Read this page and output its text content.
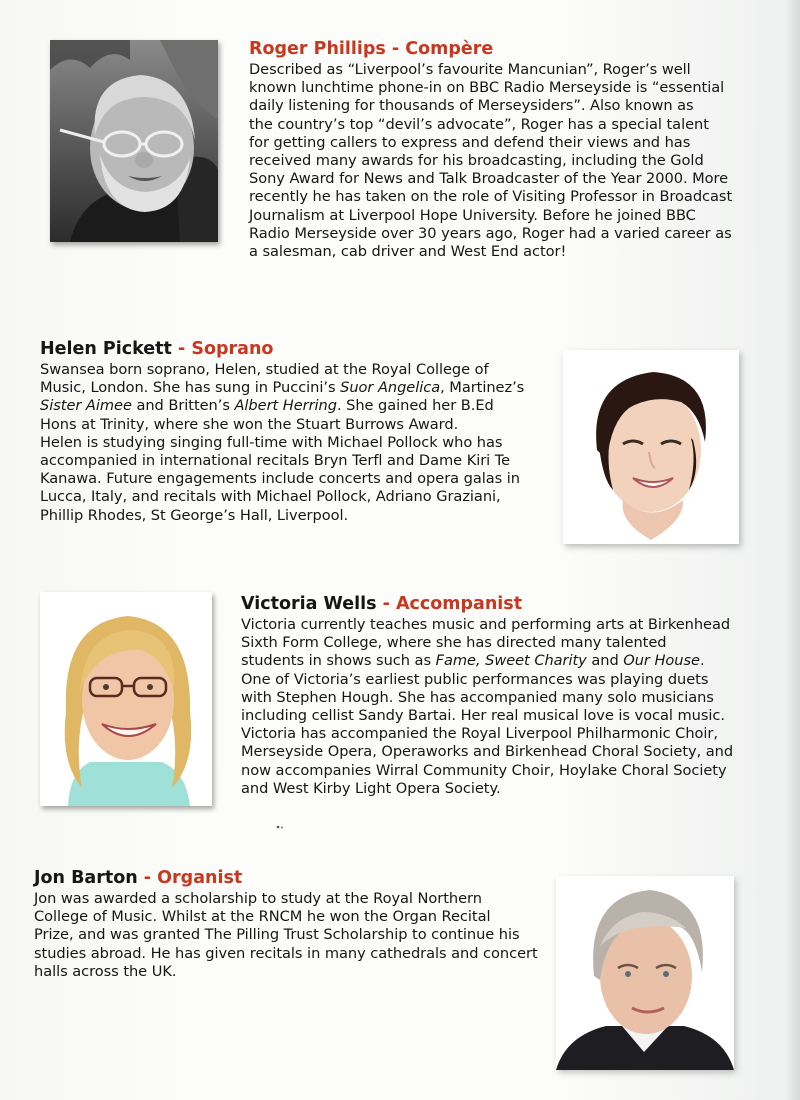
Roger Phillips - Compère

Described as “Liverpool’s favourite Mancunian”, Roger’s well
known lunchtime phone-in on BBC Radio Merseyside is “essential
daily listening for thousands of Merseysiders”. Also known as
the country’s top “devil’s advocate”, Roger has a special talent
for getting callers to express and defend their views and has
received many awards for his broadcasting, including the Gold
Sony Award for News and Talk Broadcaster of the Year 2000. More
recently he has taken on the role of Visiting Professor in Broadcast
Journalism at Liverpool Hope University. Before he joined BBC
Radio Merseyside over 30 years ago, Roger had a varied career as
a salesman, cab driver and West End actor!

Helen Pickett - Soprano

Swansea born soprano, Helen, studied at the Royal College of
Music, London. She has sung in Puccini’s Suor Angelica, Martinez’s
Sister Aimee and Britten’s Albert Herring. She gained her B.Ed
Hons at Trinity, where she won the Stuart Burrows Award.
Helen is studying singing full-time with Michael Pollock who has
accompanied in international recitals Bryn Terfl and Dame Kiri Te
Kanawa. Future engagements include concerts and opera galas in
Lucca, Italy, and recitals with Michael Pollock, Adriano Graziani,
Phillip Rhodes, St George’s Hall, Liverpool.

Victoria Wells - Accompanist

Victoria currently teaches music and performing arts at Birkenhead
Sixth Form College, where she has directed many talented
students in shows such as Fame, Sweet Charity and Our House.
One of Victoria’s earliest public performances was playing duets
with Stephen Hough. She has accompanied many solo musicians
including cellist Sandy Bartai. Her real musical love is vocal music.
Victoria has accompanied the Royal Liverpool Philharmonic Choir,
Merseyside Opera, Operaworks and Birkenhead Choral Society, and
now accompanies Wirral Community Choir, Hoylake Choral Society
and West Kirby Light Opera Society.

Jon Barton - Organist

Jon was awarded a scholarship to study at the Royal Northern
College of Music. Whilst at the RNCM he won the Organ Recital
Prize, and was granted The Pilling Trust Scholarship to continue his
studies abroad. He has given recitals in many cathedrals and concert
halls across the UK.
